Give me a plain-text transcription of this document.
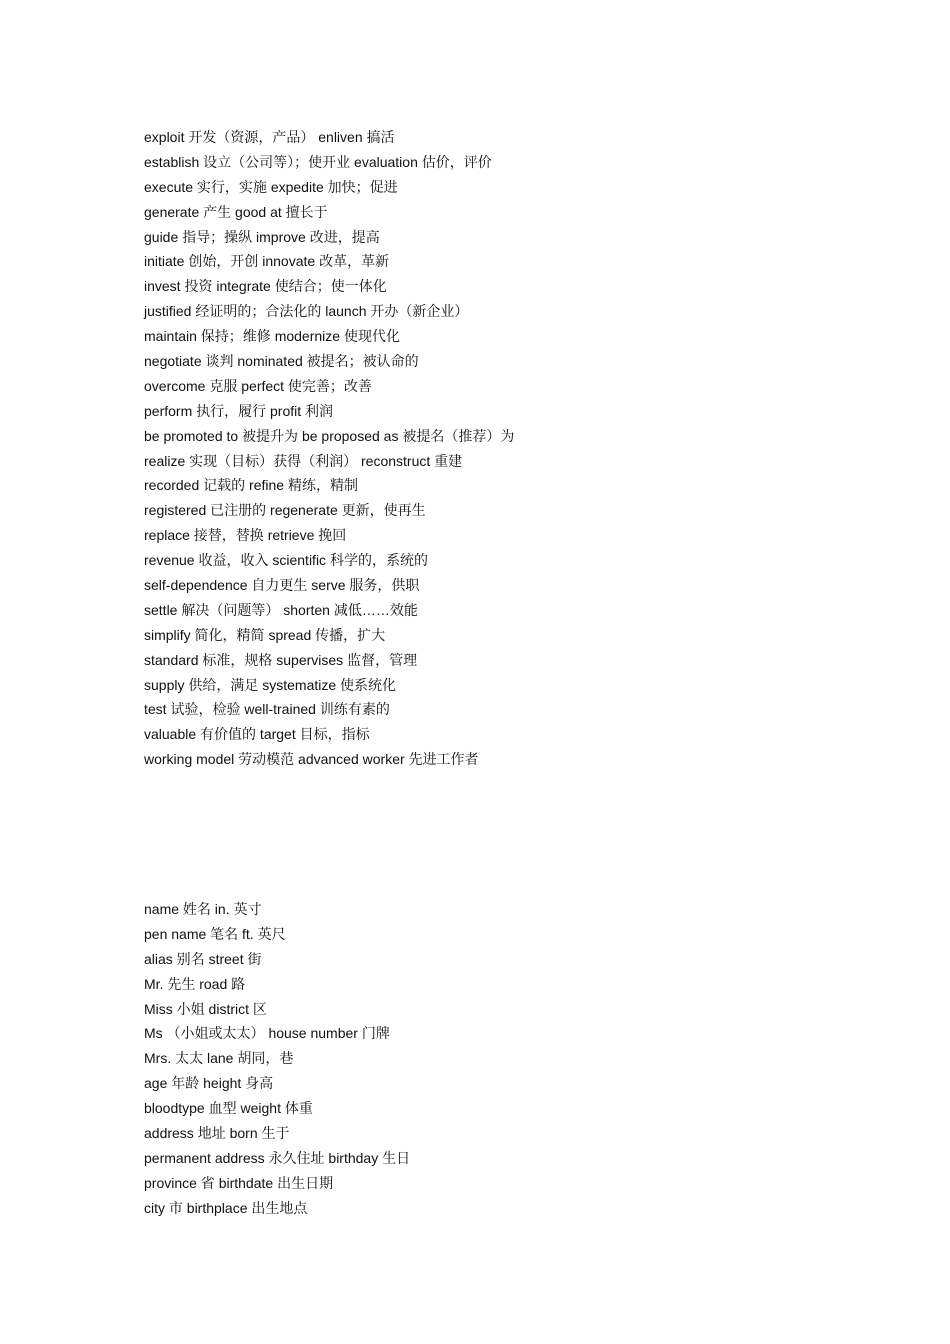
exploit 开发（资源，产品） enliven 搞活
establish 设立（公司等）；使开业 evaluation 估价，评价
execute 实行，实施 expedite 加快；促进
generate 产生 good at 擅长于
guide 指导；操纵 improve 改进，提高
initiate 创始，开创 innovate 改革，革新
invest 投资 integrate 使结合；使一体化
justified 经证明的；合法化的 launch 开办（新企业）
maintain 保持；维修 modernize 使现代化
negotiate 谈判 nominated 被提名；被认命的
overcome 克服 perfect 使完善；改善
perform 执行，履行 profit 利润
be promoted to 被提升为 be proposed as 被提名（推荐）为
realize 实现（目标）获得（利润） reconstruct 重建
recorded 记载的 refine 精练，精制
registered 已注册的 regenerate 更新，使再生
replace 接替，替换 retrieve 挽回
revenue 收益，收入 scientific 科学的，系统的
self-dependence 自力更生 serve 服务，供职
settle 解决（问题等） shorten 减低……效能
simplify 简化，精简 spread 传播，扩大
standard 标准，规格 supervises 监督，管理
supply 供给，满足 systematize 使系统化
test 试验，检验 well-trained 训练有素的
valuable 有价值的 target 目标，指标
working model 劳动模范 advanced worker 先进工作者
name 姓名 in. 英寸
pen name 笔名 ft. 英尺
alias 别名 street 街
Mr. 先生 road 路
Miss 小姐 district 区
Ms （小姐或太太） house number 门牌
Mrs. 太太 lane 胡同，巷
age 年龄 height 身高
bloodtype 血型 weight 体重
address 地址 born 生于
permanent address 永久住址 birthday 生日
province 省 birthdate 出生日期
city 市 birthplace 出生地点
